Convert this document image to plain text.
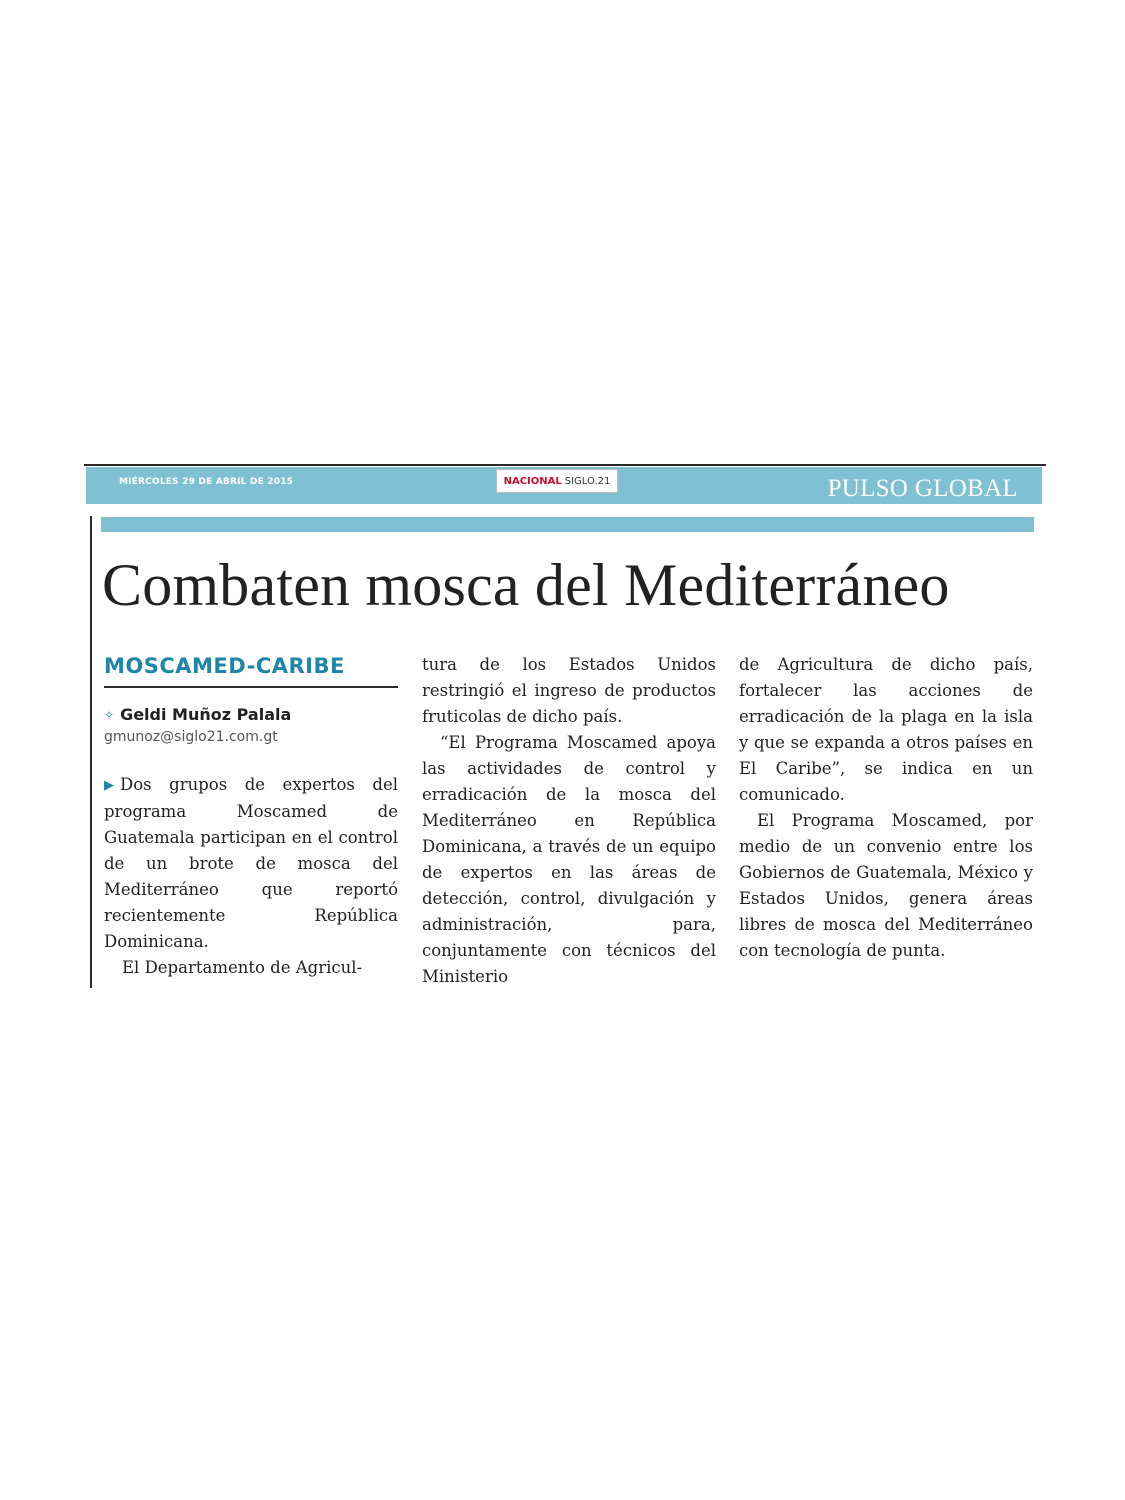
MIÉRCOLES 29 DE ABRIL DE 2015	NACIONAL SIGLO.21	PULSO GLOBAL
Combaten mosca del Mediterráneo
MOSCAMED-CARIBE
✧ Geldi Muñoz Palala
gmunoz@siglo21.com.gt

▶ Dos grupos de expertos del programa Moscamed de Guatemala participan en el control de un brote de mosca del Mediterráneo que reportó recientemente República Dominicana.

El Departamento de Agricul-

tura de los Estados Unidos restringió el ingreso de productos fruticolas de dicho país.

“El Programa Moscamed apoya las actividades de control y erradicación de la mosca del Mediterráneo en República Dominicana, a través de un equipo de expertos en las áreas de detección, control, divulgación y administración, para, conjuntamente con técnicos del Ministerio

de Agricultura de dicho país, fortalecer las acciones de erradicación de la plaga en la isla y que se expanda a otros países en El Caribe”, se indica en un comunicado.

El Programa Moscamed, por medio de un convenio entre los Gobiernos de Guatemala, México y Estados Unidos, genera áreas libres de mosca del Mediterráneo con tecnología de punta.
